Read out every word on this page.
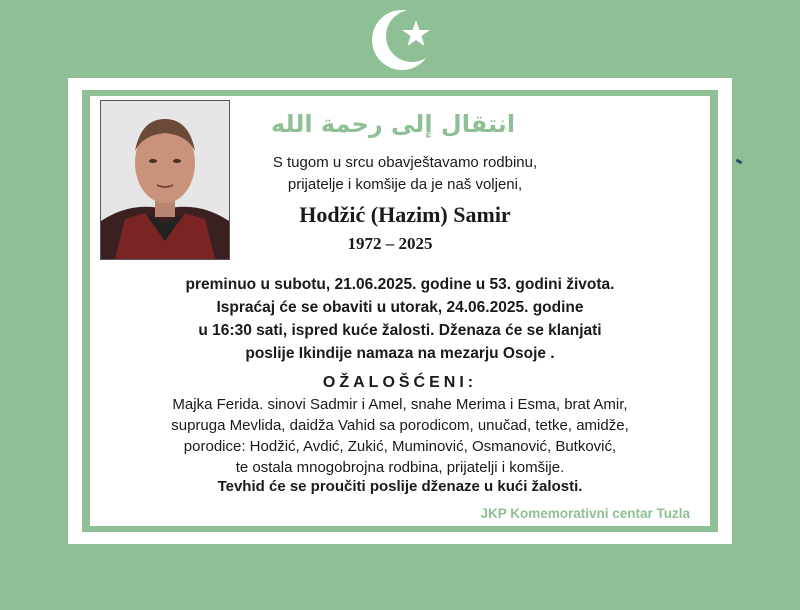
انتقال إلى رحمة الله
S tugom u srcu obavještavamo rodbinu,
prijatelje i komšije da je naš voljeni,
Hodžić (Hazim) Samir
1972 – 2025
preminuo u subotu, 21.06.2025. godine u 53. godini života.
Ispraćaj će se obaviti u utorak, 24.06.2025. godine
u 16:30 sati, ispred kuće žalosti. Dženaza će se klanjati
poslije Ikindije namaza na mezarju Osoje .
OŽALOŠĆENI:
Majka Ferida. sinovi Sadmir i Amel, snahe Merima i Esma, brat Amir,
supruga Mevlida, daidža Vahid sa porodicom, unučad, tetke, amidže,
porodice: Hodžić, Avdić, Zukić, Muminović, Osmanović, Butković,
te ostala mnogobrojna rodbina, prijatelji i komšije.
Tevhid će se proučiti poslije dženaze u kući žalosti.
JKP Komemorativni centar Tuzla
